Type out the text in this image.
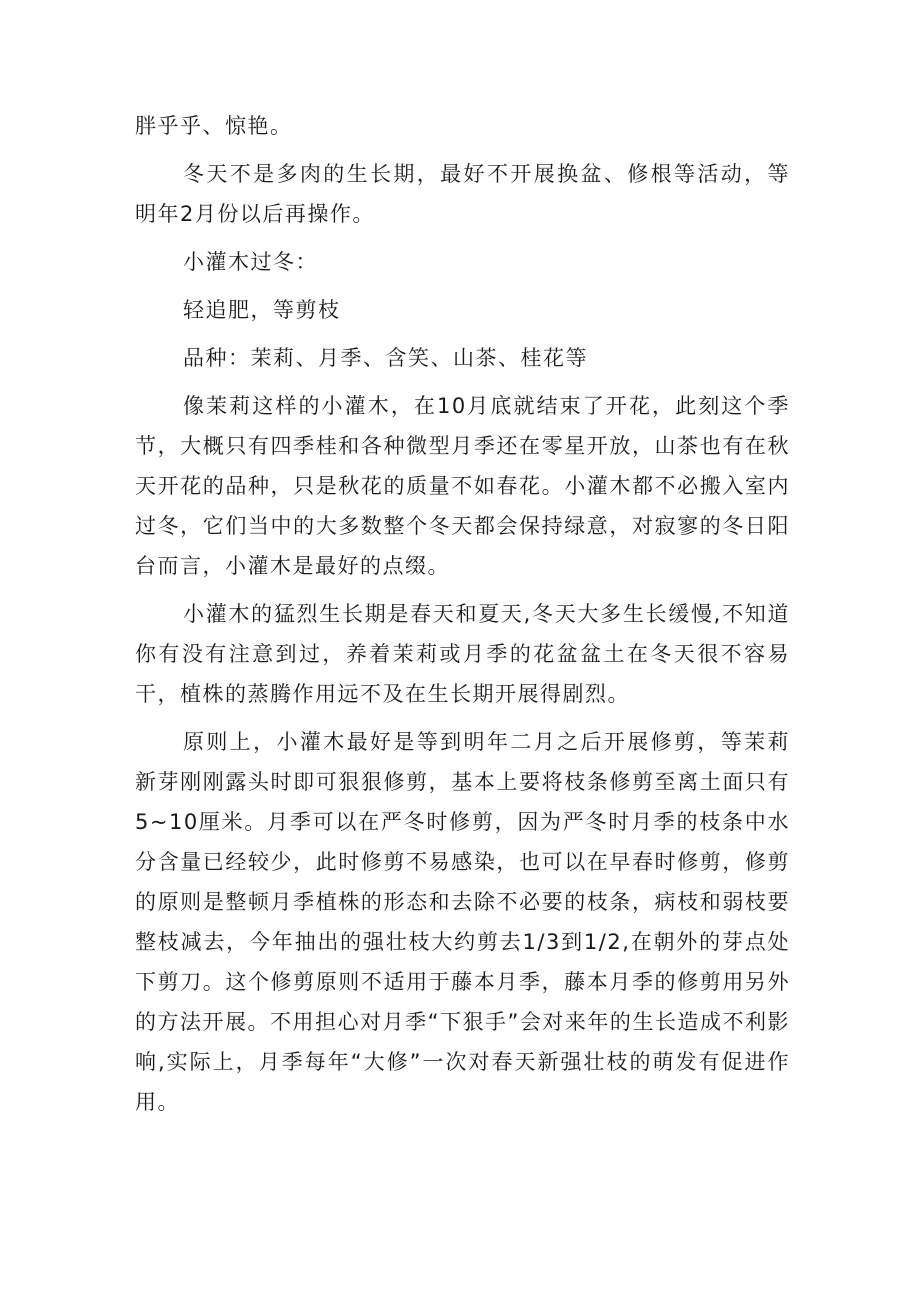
胖乎乎、惊艳。

冬天不是多肉的生长期，最好不开展换盆、修根等活动，等明年2月份以后再操作。

小灌木过冬：

轻追肥，等剪枝

品种：茉莉、月季、含笑、山茶、桂花等

像茉莉这样的小灌木，在10月底就结束了开花，此刻这个季节，大概只有四季桂和各种微型月季还在零星开放，山茶也有在秋天开花的品种，只是秋花的质量不如春花。小灌木都不必搬入室内过冬，它们当中的大多数整个冬天都会保持绿意，对寂寥的冬日阳台而言，小灌木是最好的点缀。

小灌木的猛烈生长期是春天和夏天,冬天大多生长缓慢,不知道你有没有注意到过，养着茉莉或月季的花盆盆土在冬天很不容易干，植株的蒸腾作用远不及在生长期开展得剧烈。

原则上，小灌木最好是等到明年二月之后开展修剪，等茉莉新芽刚刚露头时即可狠狠修剪，基本上要将枝条修剪至离土面只有5~10厘米。月季可以在严冬时修剪，因为严冬时月季的枝条中水分含量已经较少，此时修剪不易感染，也可以在早春时修剪，修剪的原则是整顿月季植株的形态和去除不必要的枝条，病枝和弱枝要整枝减去，今年抽出的强壮枝大约剪去1/3到1/2,在朝外的芽点处下剪刀。这个修剪原则不适用于藤本月季，藤本月季的修剪用另外的方法开展。不用担心对月季“下狠手”会对来年的生长造成不利影响,实际上，月季每年“大修”一次对春天新强壮枝的萌发有促进作用。
